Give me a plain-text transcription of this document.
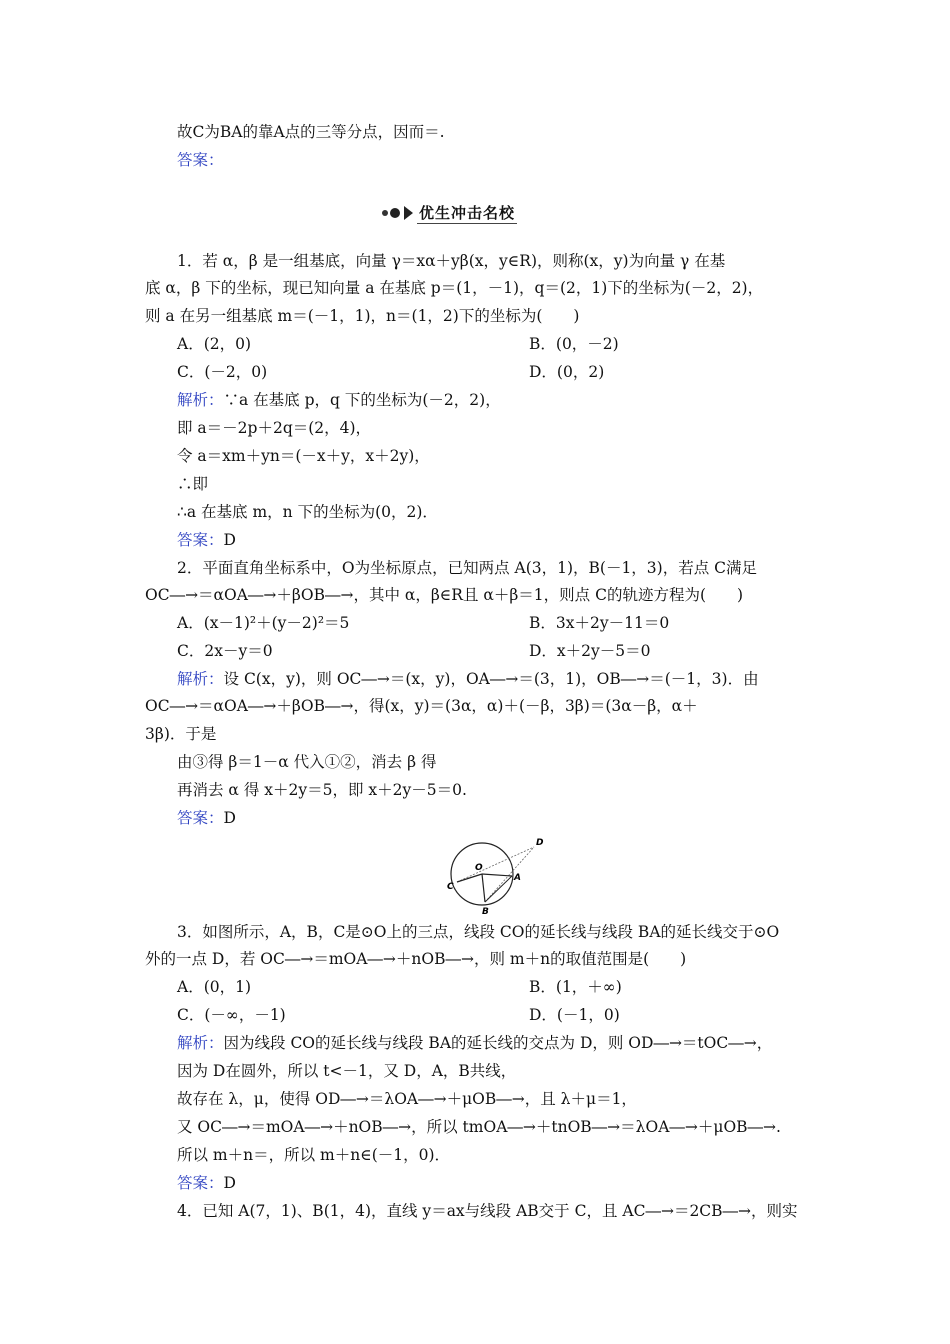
故C为BA的靠A点的三等分点，因而＝.
答案：
优生冲击名校
1．若 α，β 是一组基底，向量 γ＝xα＋yβ(x，y∈R)，则称(x，y)为向量 γ 在基
底 α，β 下的坐标，现已知向量 a 在基底 p＝(1，－1)，q＝(2，1)下的坐标为(－2，2)，
则 a 在另一组基底 m＝(－1，1)，n＝(1，2)下的坐标为(　　)
A．(2，0)	B．(0，－2)
C．(－2，0)	D．(0，2)
解析：∵a 在基底 p，q 下的坐标为(－2，2)，
即 a＝－2p＋2q＝(2，4)，
令 a＝xm＋yn＝(－x＋y，x＋2y)，
∴即
∴a 在基底 m，n 下的坐标为(0，2)．
答案：D
2．平面直角坐标系中，O为坐标原点，已知两点 A(3，1)，B(－1，3)，若点 C满足
OC―→＝αOA―→＋βOB―→，其中 α，β∈R且 α＋β＝1，则点 C的轨迹方程为(　　)
A．(x－1)²＋(y－2)²＝5	B．3x＋2y－11＝0
C．2x－y＝0	D．x＋2y－5＝0
解析：设 C(x，y)，则 OC―→＝(x，y)，OA―→＝(3，1)，OB―→＝(－1，3)．由
OC―→＝αOA―→＋βOB―→，得(x，y)＝(3α，α)＋(－β，3β)＝(3α－β，α＋
3β)．于是
由③得 β＝1－α 代入①②，消去 β 得
再消去 α 得 x＋2y＝5，即 x＋2y－5＝0.
答案：D
D
O
A
C
B
3．如图所示，A，B，C是⊙O上的三点，线段 CO的延长线与线段 BA的延长线交于⊙O
外的一点 D，若 OC―→＝mOA―→＋nOB―→，则 m＋n的取值范围是(　　)
A．(0，1)	B．(1，＋∞)
C．(－∞，－1)	D．(－1，0)
解析：因为线段 CO的延长线与线段 BA的延长线的交点为 D，则 OD―→＝tOC―→，
因为 D在圆外，所以 t<－1，又 D，A，B共线，
故存在 λ，μ，使得 OD―→＝λOA―→＋μOB―→，且 λ＋μ＝1，
又 OC―→＝mOA―→＋nOB―→，所以 tmOA―→＋tnOB―→＝λOA―→＋μOB―→.
所以 m＋n＝，所以 m＋n∈(－1，0)．
答案：D
4．已知 A(7，1)、B(1，4)，直线 y＝ax与线段 AB交于 C，且 AC―→＝2CB―→，则实
